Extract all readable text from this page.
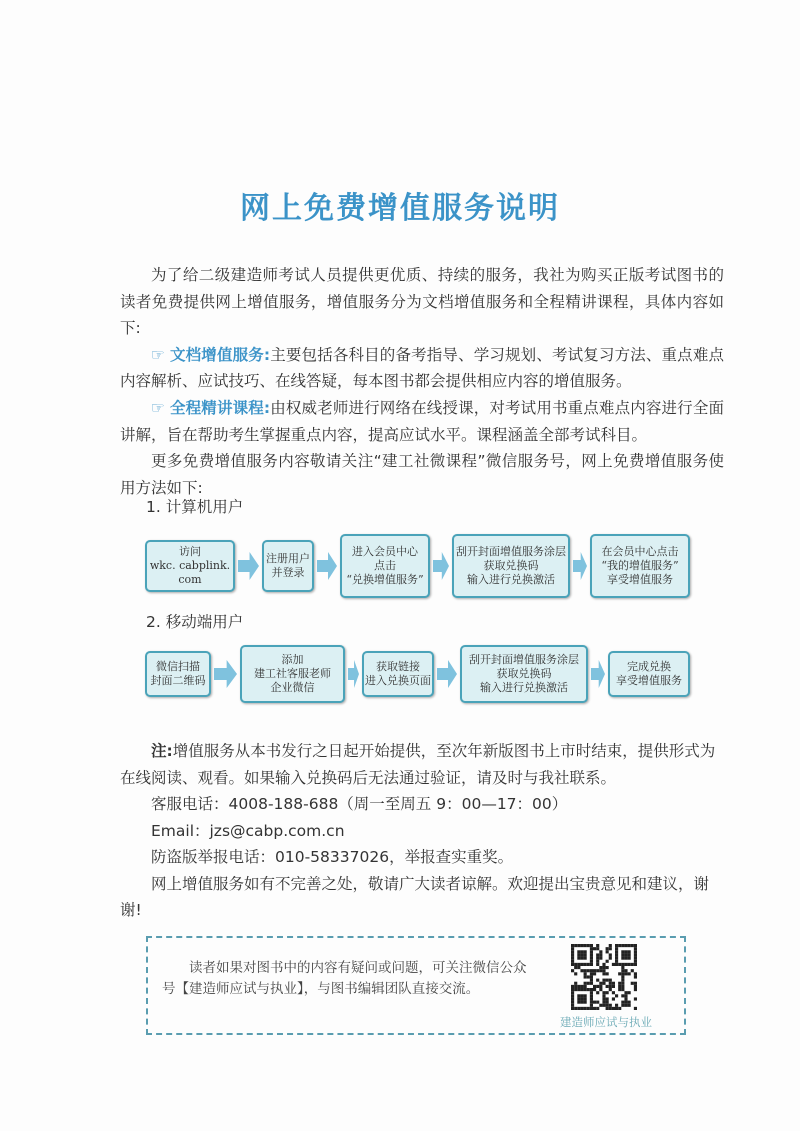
网上免费增值服务说明

为了给二级建造师考试人员提供更优质、持续的服务，我社为购买正版考试图书的读者免费提供网上增值服务，增值服务分为文档增值服务和全程精讲课程，具体内容如下:

☞ 文档增值服务:主要包括各科目的备考指导、学习规划、考试复习方法、重点难点内容解析、应试技巧、在线答疑，每本图书都会提供相应内容的增值服务。

☞ 全程精讲课程:由权威老师进行网络在线授课，对考试用书重点难点内容进行全面讲解，旨在帮助考生掌握重点内容，提高应试水平。课程涵盖全部考试科目。

更多免费增值服务内容敬请关注“建工社微课程”微信服务号，网上免费增值服务使用方法如下:

1. 计算机用户
访问
wkc. cabplink. com
注册用户
并登录
进入会员中心
点击
“兑换增值服务”
刮开封面增值服务涂层
获取兑换码
输入进行兑换激活
在会员中心点击
“我的增值服务”
享受增值服务
2. 移动端用户
微信扫描
封面二维码
添加
建工社客服老师
企业微信
获取链接
进入兑换页面
刮开封面增值服务涂层
获取兑换码
输入进行兑换激活
完成兑换
享受增值服务

注:增值服务从本书发行之日起开始提供，至次年新版图书上市时结束，提供形式为在线阅读、观看。如果输入兑换码后无法通过验证，请及时与我社联系。

客服电话：4008-188-688（周一至周五 9：00—17：00）

Email：jzs@cabp.com.cn

防盗版举报电话：010-58337026，举报查实重奖。

网上增值服务如有不完善之处，敬请广大读者谅解。欢迎提出宝贵意见和建议，谢谢!

读者如果对图书中的内容有疑问或问题，可关注微信公众号【建造师应试与执业】，与图书编辑团队直接交流。
建造师应试与执业
